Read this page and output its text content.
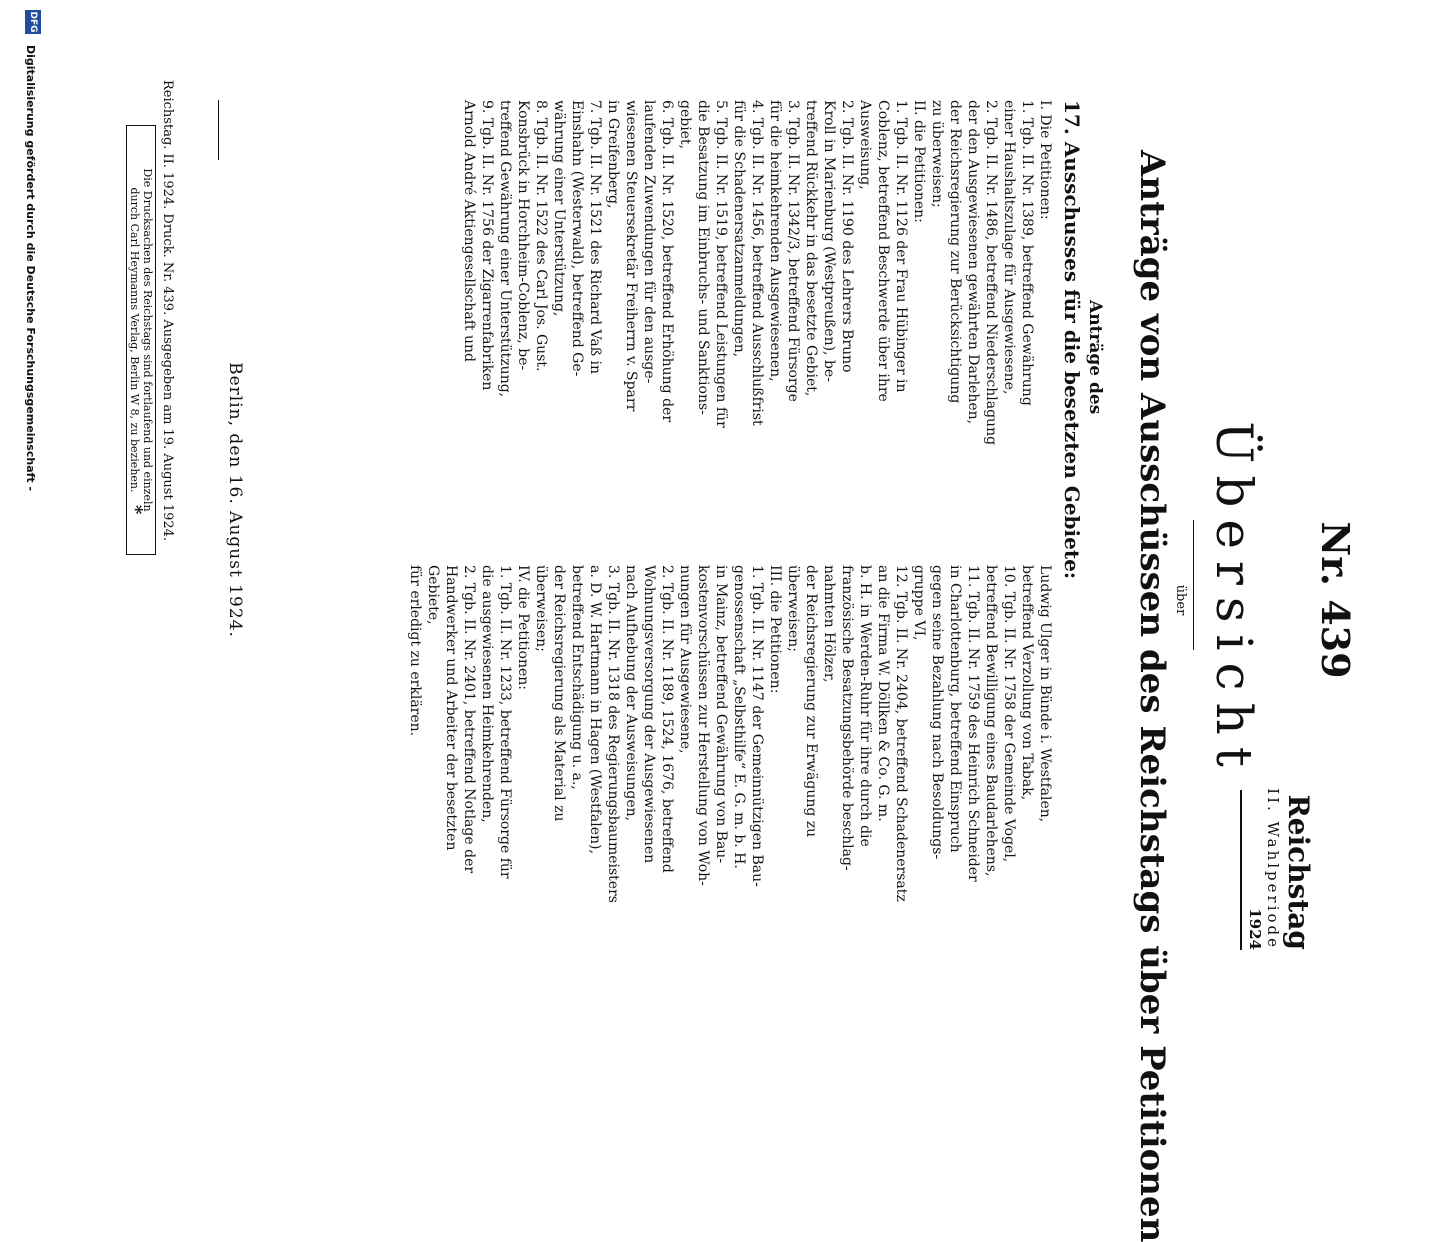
Nr. 439
Reichstag
II. Wahlperiode
1924
Übersicht
über
Anträge von Ausschüssen des Reichstags über Petitionen
Anträge des
17. Ausschusses für die besetzten Gebiete:
I. Die Petitionen:
1. Tgb. II. Nr. 1389, betreffend Gewährung
einer Haushaltszulage für Ausgewiesene,
2. Tgb. II. Nr. 1486, betreffend Niederschlagung
der den Ausgewiesenen gewährten Darlehen,
der Reichsregierung zur Berücksichtigung
zu überweisen;
II. die Petitionen:
1. Tgb. II. Nr. 1126 der Frau Hübinger in
Coblenz, betreffend Beschwerde über ihre
Ausweisung,
2. Tgb. II. Nr. 1190 des Lehrers Bruno
Kroll in Marienburg (Westpreußen), be-
treffend Rückkehr in das besetzte Gebiet,
3. Tgb. II. Nr. 1342/3, betreffend Fürsorge
für die heimkehrenden Ausgewiesenen,
4. Tgb. II. Nr. 1456, betreffend Ausschlußfrist
für die Schadenersatzanmeldungen,
5. Tgb. II. Nr. 1519, betreffend Leistungen für
die Besatzung im Einbruchs- und Sanktions-
gebiet,
6. Tgb. II. Nr. 1520, betreffend Erhöhung der
laufenden Zuwendungen für den ausge-
wiesenen Steuersekretär Freiherrn v. Sparr
in Greifenberg,
7. Tgb. II. Nr. 1521 des Richard Vaß in
Einshahn (Westerwald), betreffend Ge-
währung einer Unterstützung,
8. Tgb. II. Nr. 1522 des Carl Jos. Gust.
Konsbrück in Horchheim-Coblenz, be-
treffend Gewährung einer Unterstützung,
9. Tgb. II. Nr. 1756 der Zigarrenfabriken
Arnold André Aktiengesellschaft und
Ludwig Ulger in Bünde i. Westfalen,
betreffend Verzollung von Tabak,
10. Tgb. II. Nr. 1758 der Gemeinde Vogel,
betreffend Bewilligung eines Baudarlehens,
11. Tgb. II. Nr. 1759 des Heinrich Schneider
in Charlottenburg, betreffend Einspruch
gegen seine Bezahlung nach Besoldungs-
gruppe VI,
12. Tgb. II. Nr. 2404, betreffend Schadenersatz
an die Firma W. Döllken & Co. G. m.
b. H. in Werden-Ruhr für ihre durch die
französische Besatzungsbehörde beschlag-
nahmten Hölzer,
der Reichsregierung zur Erwägung zu
überweisen;
III. die Petitionen:
1. Tgb. II. Nr. 1147 der Gemeinnützigen Bau-
genossenschaft „Selbsthilfe“ E. G. m. b. H.
in Mainz, betreffend Gewährung von Bau-
kostenvorschüssen zur Herstellung von Woh-
nungen für Ausgewiesene,
2. Tgb. II. Nr. 1189, 1524, 1676, betreffend
Wohnungsversorgung der Ausgewiesenen
nach Aufhebung der Ausweisungen,
3. Tgb. II. Nr. 1318 des Regierungsbaumeisters
a. D. W. Hartmann in Hagen (Westfalen),
betreffend Entschädigung u. a.,
der Reichsregierung als Material zu
überweisen;
IV. die Petitionen:
1. Tgb. II. Nr. 1233, betreffend Fürsorge für
die ausgewiesenen Heimkehrenden,
2. Tgb. II. Nr. 2401, betreffend Notlage der
Handwerker und Arbeiter der besetzten
Gebiete,
für erledigt zu erklären.
Berlin, den 16. August 1924.
Reichstag. II. 1924. Druck. Nr. 439. Ausgegeben am 19. August 1924.
Die Drucksachen des Reichstags sind fortlaufend und einzeln
durch Carl Heymanns Verlag, Berlin W 8, zu beziehen.
*
DFG
Digitalisierung gefördert durch die Deutsche Forschungsgemeinschaft -
